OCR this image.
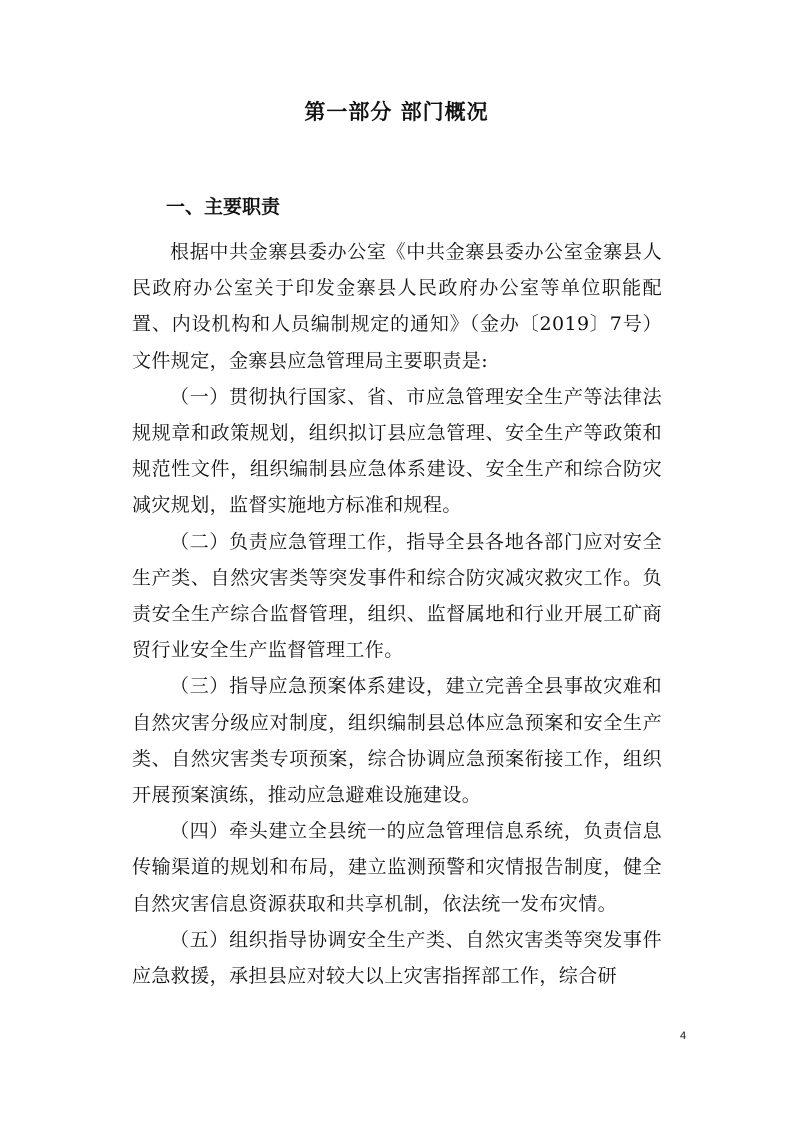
第一部分 部门概况
一、主要职责

根据中共金寨县委办公室《中共金寨县委办公室金寨县人民政府办公室关于印发金寨县人民政府办公室等单位职能配置、内设机构和人员编制规定的通知》（金办〔2019〕7号）文件规定，金寨县应急管理局主要职责是:

（一）贯彻执行国家、省、市应急管理安全生产等法律法规规章和政策规划，组织拟订县应急管理、安全生产等政策和规范性文件，组织编制县应急体系建设、安全生产和综合防灾减灾规划，监督实施地方标准和规程。

（二）负责应急管理工作，指导全县各地各部门应对安全生产类、自然灾害类等突发事件和综合防灾减灾救灾工作。负责安全生产综合监督管理，组织、监督属地和行业开展工矿商贸行业安全生产监督管理工作。

（三）指导应急预案体系建设，建立完善全县事故灾难和自然灾害分级应对制度，组织编制县总体应急预案和安全生产类、自然灾害类专项预案，综合协调应急预案衔接工作，组织开展预案演练，推动应急避难设施建设。

（四）牵头建立全县统一的应急管理信息系统，负责信息传输渠道的规划和布局，建立监测预警和灾情报告制度，健全自然灾害信息资源获取和共享机制，依法统一发布灾情。

（五）组织指导协调安全生产类、自然灾害类等突发事件应急救援，承担县应对较大以上灾害指挥部工作，综合研

4
